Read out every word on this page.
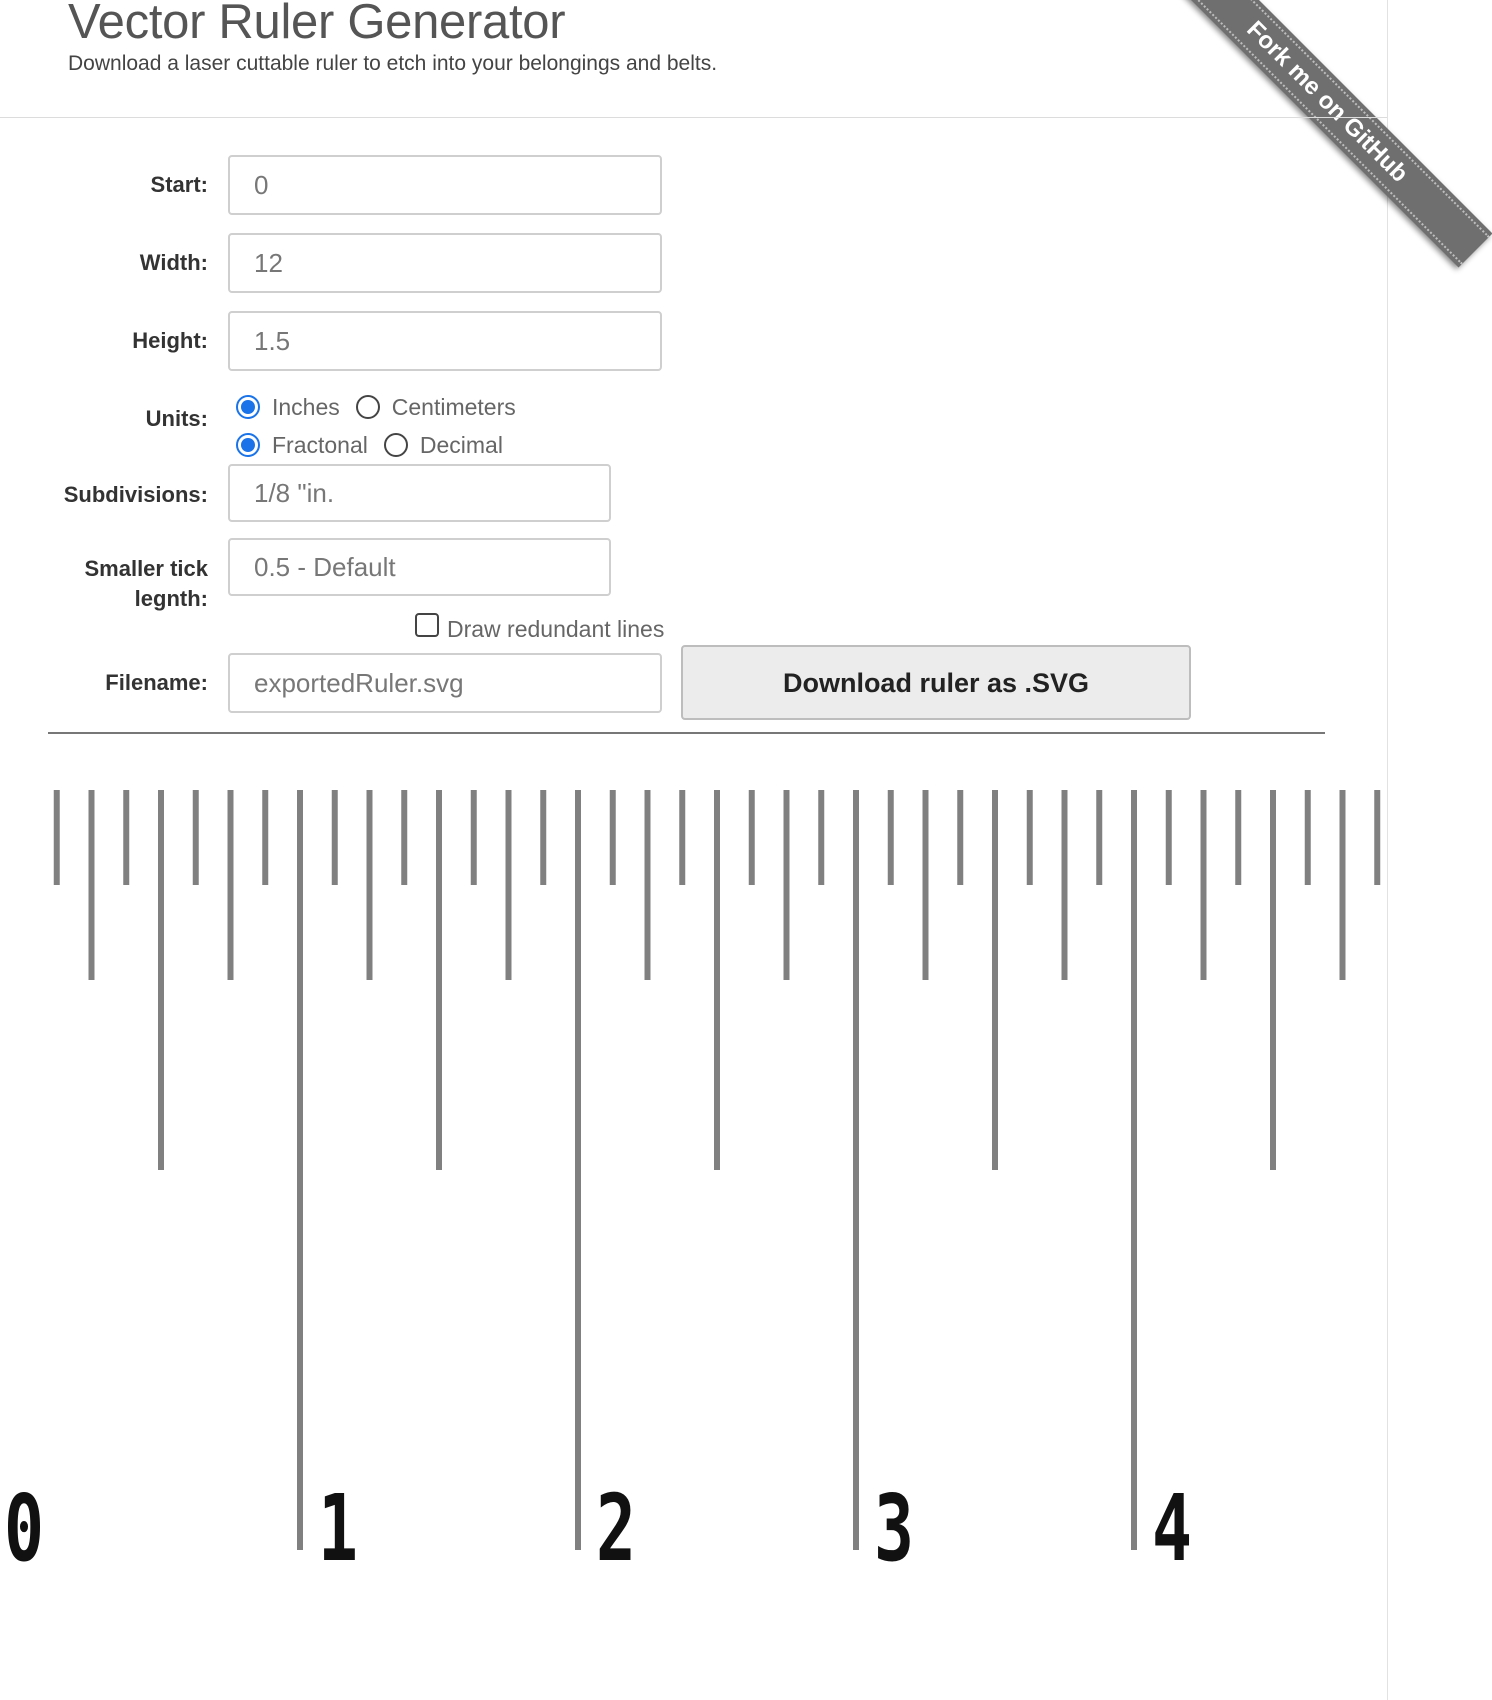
Vector Ruler Generator
Download a laser cuttable ruler to etch into your belongings and belts.	Fork me on GitHub
Start:	0
Width:	12
Height:	1.5
Units:	Inches Centimeters
Fractonal Decimal
Subdivisions:	1/8 "in.
Smaller tick
legnth:
0.5 - Default
Draw redundant lines
Filename:	exportedRuler.svg	Download ruler as .SVG
0	1	2	3	4
